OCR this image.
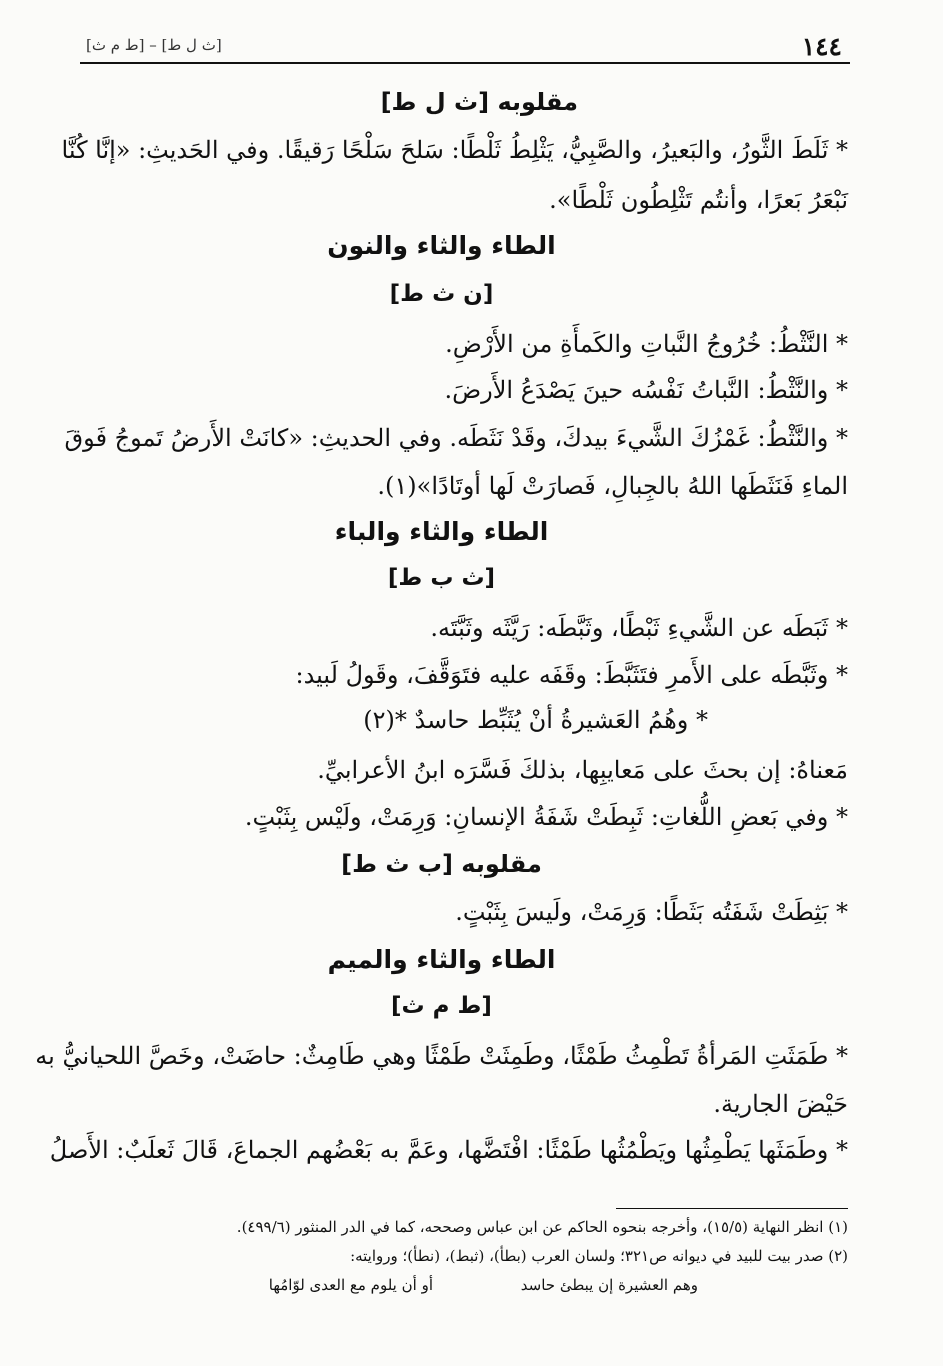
١٤٤
[ث ل ط] – [ط م ث]
مقلوبه [ث ل ط]
* ثَلَطَ الثَّورُ، والبَعيرُ، والصَّبِيُّ، يَثْلِطُ ثَلْطًا: سَلحَ سَلْحًا رَقيقًا. وفي الحَديثِ: «إنَّا كُنَّا
نَبْعَرُ بَعرًا، وأنتُم تَثْلِطُون ثَلْطًا».
الطاء والثاء والنون
[ن ث ط]
* النَّثْطُ: خُرُوجُ النَّباتِ والكَمأَةِ من الأَرْضِ.
* والنَّثْطُ: النَّباتُ نَفْسُه حينَ يَصْدَعُ الأَرضَ.
* والنَّثْطُ: غَمْزُكَ الشَّيءَ بيدكَ، وقَدْ نَثَطَه. وفي الحديثِ: «كانَتْ الأَرضُ تَموجُ فَوقَ
الماءِ فَنَثَطَها اللهُ بالجِبالِ، فَصارَتْ لَها أوتَادًا»(١).
الطاء والثاء والباء
[ث ب ط]
* ثَبَطَه عن الشَّيءِ ثَبْطًا، وثَبَّطَه: رَيَّثَه وثَبَّتَه.
* وثَبَّطَه على الأَمرِ فتَثَبَّطَ: وقَفَه عليه فتَوَقَّفَ، وقَولُ لَبيد:
* وهُمُ العَشيرةُ أنْ يُثَبِّط حاسدٌ *(٢)
مَعناهُ: إن بحثَ على مَعايبِها، بذلكَ فَسَّرَه ابنُ الأعرابيِّ.
* وفي بَعضِ اللُّغاتِ: ثَبِطَتْ شَفَةُ الإنسانِ: وَرِمَتْ، ولَيْس بِثَبْتٍ.
مقلوبه [ب ث ط]
* بَثِطَتْ شَفَتُه بَثَطًا: وَرِمَتْ، ولَيسَ بِثَبْتٍ.
الطاء والثاء والميم
[ط م ث]
* طَمَثَتِ المَرأةُ تَطْمِثُ طَمْثًا، وطَمِثَتْ طَمْثًا وهي طَامِثٌ: حاضَتْ، وخَصَّ اللحيانيُّ به
حَيْضَ الجارية.
* وطَمَثَها يَطْمِثُها ويَطْمُثُها طَمْثًا: افْتَضَّها، وعَمَّ به بَعْضُهم الجماعَ، قَالَ ثَعلَبٌ: الأَصلُ
(١) انظر النهاية (١٥/٥)، وأخرجه بنحوه الحاكم عن ابن عباس وصححه، كما في الدر المنثور (٤٩٩/٦).
(٢) صدر بيت للبيد في ديوانه ص٣٢١؛ ولسان العرب (بطأ)، (ثبط)، (نطأ)؛ وروايته:
وهم العشيرة إن يبطئ حاسد
أو أن يلوم مع العدى لوّامُها
